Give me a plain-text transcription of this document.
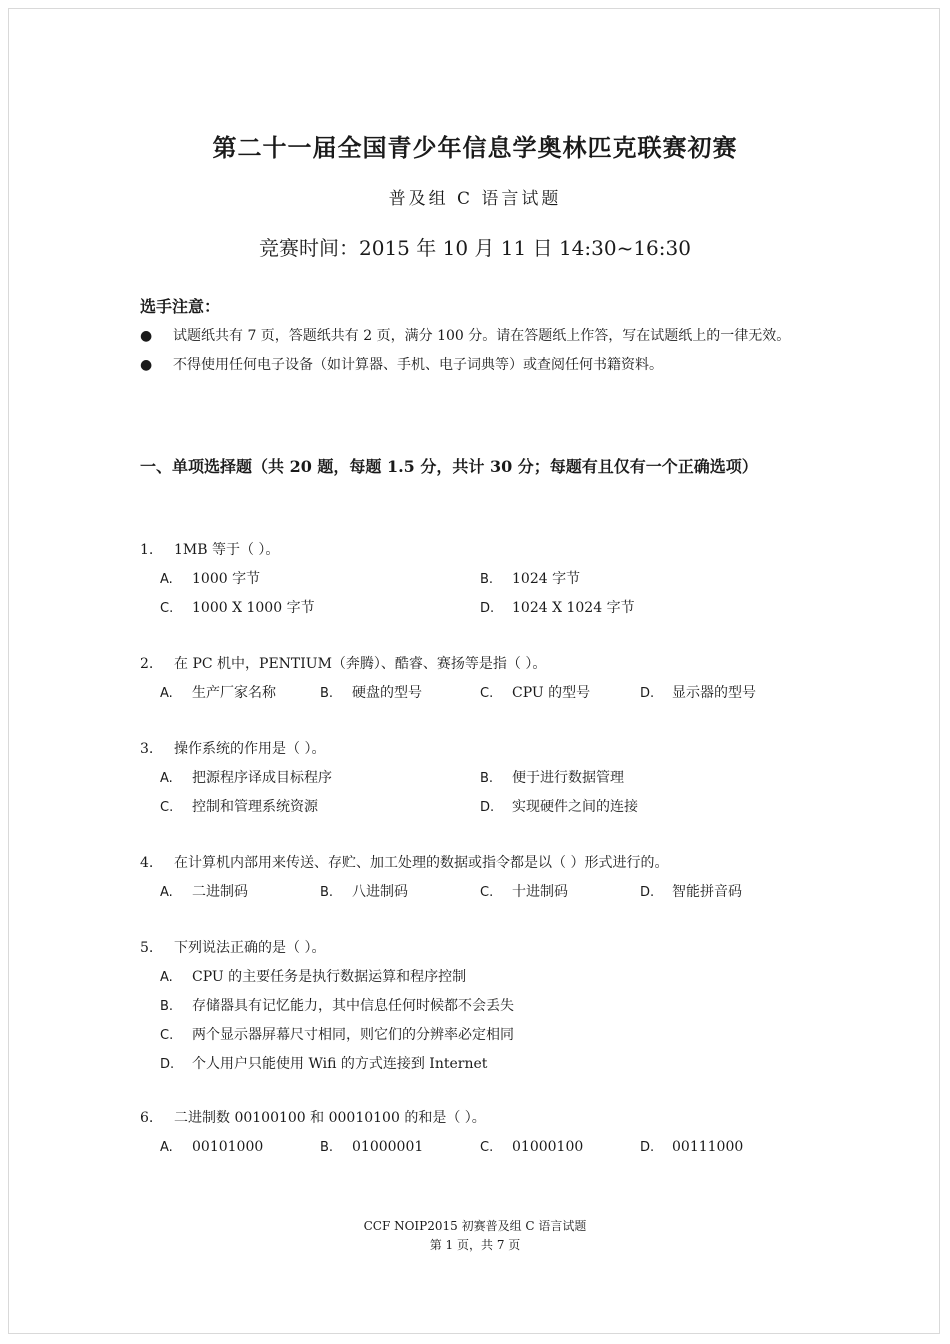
第二十一届全国青少年信息学奥林匹克联赛初赛
普及组 C 语言试题
竞赛时间：2015 年 10 月 11 日 14:30~16:30
选手注意：
● 试题纸共有 7 页，答题纸共有 2 页，满分 100 分。请在答题纸上作答，写在试题纸上的一律无效。
● 不得使用任何电子设备（如计算器、手机、电子词典等）或查阅任何书籍资料。
一、单项选择题（共 20 题，每题 1.5 分，共计 30 分；每题有且仅有一个正确选项）
1.	1MB 等于（ ）。
A.	1000 字节	B.	1024 字节
C.	1000 X 1000 字节	D.	1024 X 1024 字节
2.	在 PC 机中，PENTIUM（奔腾）、酷睿、赛扬等是指（ ）。
A.	生产厂家名称	B.	硬盘的型号	C.	CPU 的型号	D.	显示器的型号
3.	操作系统的作用是（ ）。
A.	把源程序译成目标程序	B.	便于进行数据管理
C.	控制和管理系统资源	D.	实现硬件之间的连接
4.	在计算机内部用来传送、存贮、加工处理的数据或指令都是以（ ）形式进行的。
A.	二进制码	B.	八进制码	C.	十进制码	D.	智能拼音码
5.	下列说法正确的是（ ）。
A.	CPU 的主要任务是执行数据运算和程序控制
B.	存储器具有记忆能力，其中信息任何时候都不会丢失
C.	两个显示器屏幕尺寸相同，则它们的分辨率必定相同
D.	个人用户只能使用 Wifi 的方式连接到 Internet
6.	二进制数 00100100 和 00010100 的和是（ ）。
A.	00101000	B.	01000001	C.	01000100	D.	00111000
CCF NOIP2015 初赛普及组 C 语言试题
第 1 页，共 7 页
